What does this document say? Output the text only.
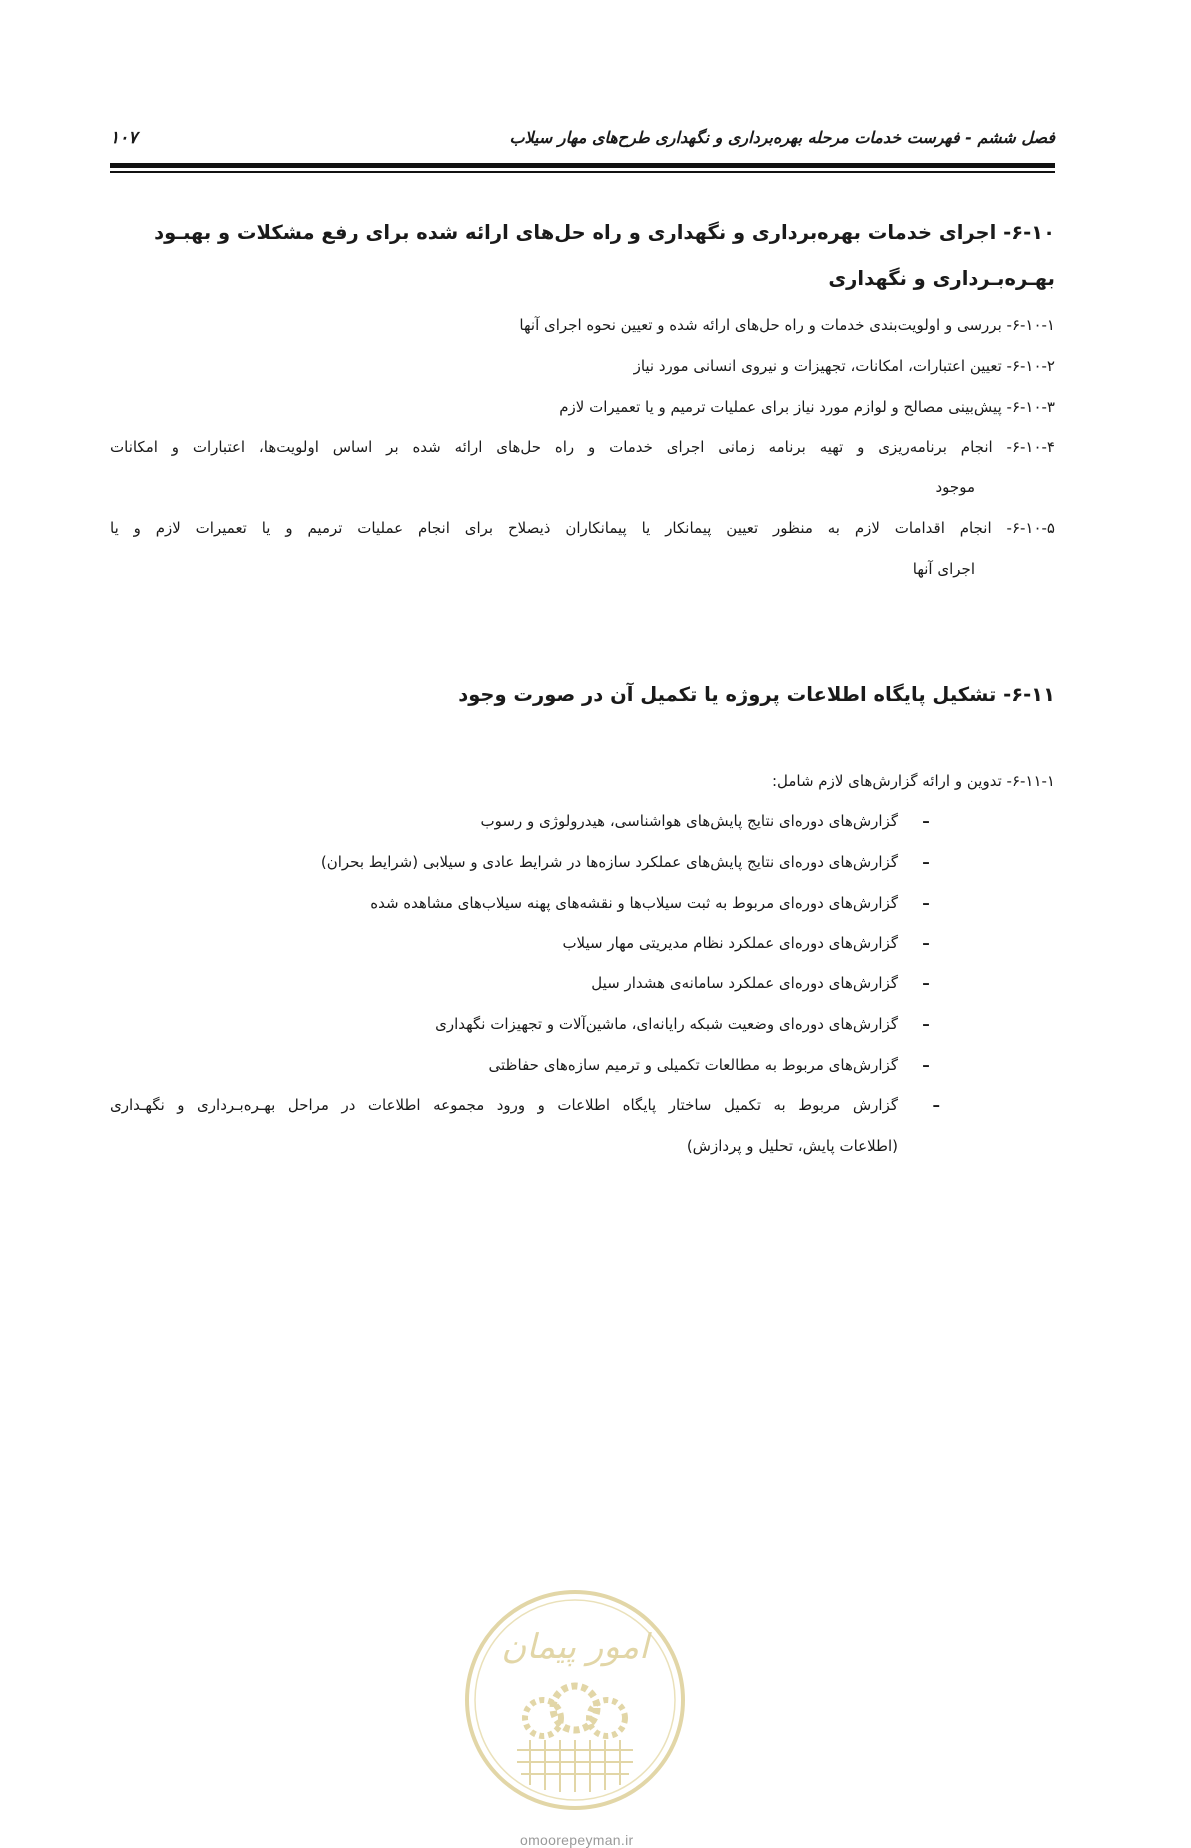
فصل ششم - فهرست خدمات مرحله بهره‌برداری و نگهداری طرح‌های مهار سیلاب
۱۰۷
۶-۱۰- اجرای خدمات بهره‌برداری و نگهداری و راه حل‌های ارائه شده برای رفع مشکلات و بهبـود بهـره‌بـرداری و نگهداری
۶-۱۰-۱- بررسی و اولویت‌بندی خدمات و راه حل‌های ارائه شده و تعیین نحوه اجرای آنها
۶-۱۰-۲- تعیین اعتبارات، امکانات، تجهیزات و نیروی انسانی مورد نیاز
۶-۱۰-۳- پیش‌بینی مصالح و لوازم مورد نیاز برای عملیات ترمیم و یا تعمیرات لازم
۶-۱۰-۴- انجام برنامه‌ریزی و تهیه برنامه زمانی اجرای خدمات و راه حل‌های ارائه شده بر اساس اولویت‌ها، اعتبارات و امکانات
موجود
۶-۱۰-۵- انجام اقدامات لازم به منظور تعیین پیمانکار یا پیمانکاران ذیصلاح برای انجام عملیات ترمیم و یا تعمیرات لازم و یا
اجرای آنها
۶-۱۱- تشکیل پایگاه اطلاعات پروژه یا تکمیل آن در صورت وجود
۶-۱۱-۱- تدوین و ارائه گزارش‌های لازم شامل:
–گزارش‌های دوره‌ای نتایج پایش‌های هواشناسی، هیدرولوژی و رسوب
–گزارش‌های دوره‌ای نتایج پایش‌های عملکرد سازه‌ها در شرایط عادی و سیلابی (شرایط بحران)
–گزارش‌های دوره‌ای مربوط به ثبت سیلاب‌ها و نقشه‌های پهنه سیلاب‌های مشاهده شده
–گزارش‌های دوره‌ای عملکرد نظام مدیریتی مهار سیلاب
–گزارش‌های دوره‌ای عملکرد سامانه‌ی هشدار سیل
–گزارش‌های دوره‌ای وضعیت شبکه رایانه‌ای، ماشین‌آلات و تجهیزات نگهداری
–گزارش‌های مربوط به مطالعات تکمیلی و ترمیم سازه‌های حفاظتی
–گزارش مربوط به تکمیل ساختار پایگاه اطلاعات و ورود مجموعه اطلاعات در مراحل بهـره‌بـرداری و نگهـداری
(اطلاعات پایش، تحلیل و پردازش)
امور پیمان
omoorepeyman.ir
